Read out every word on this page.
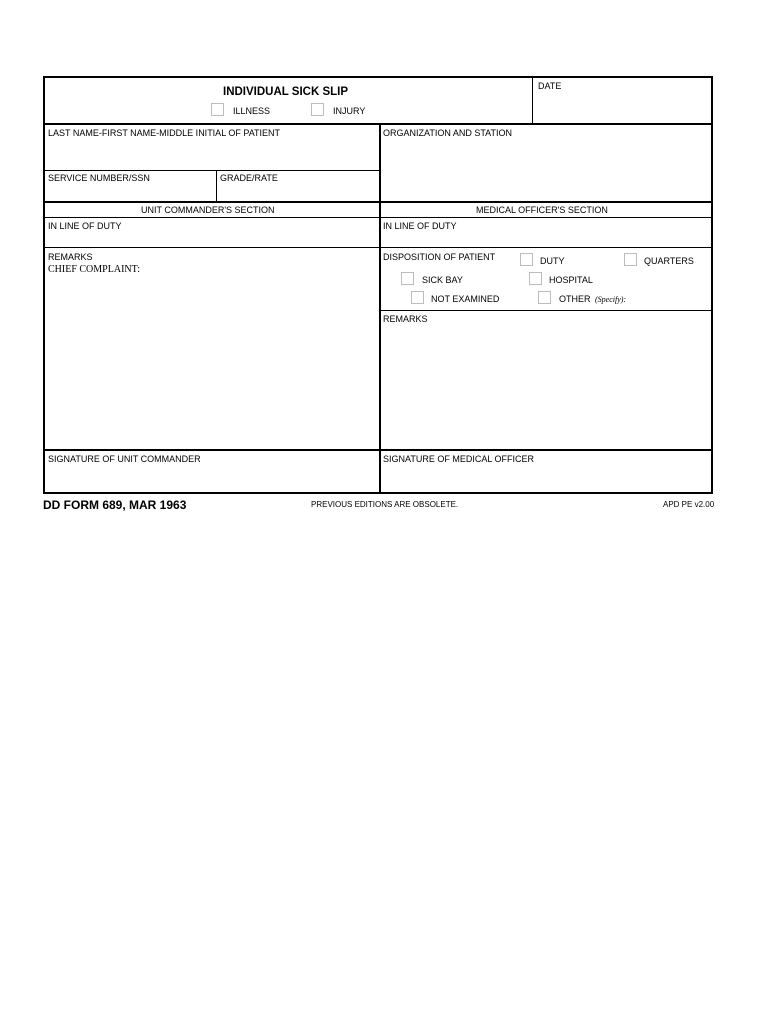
INDIVIDUAL SICK SLIP
ILLNESS	INJURY
DATE
LAST NAME-FIRST NAME-MIDDLE INITIAL OF PATIENT	ORGANIZATION AND STATION
SERVICE NUMBER/SSN	GRADE/RATE
UNIT COMMANDER'S SECTION	MEDICAL OFFICER'S SECTION
IN LINE OF DUTY	IN LINE OF DUTY
REMARKS
CHIEF COMPLAINT:
DISPOSITION OF PATIENT	DUTY	QUARTERS
SICK BAY	HOSPITAL
NOT EXAMINED	OTHER (Specify):
REMARKS
SIGNATURE OF UNIT COMMANDER	SIGNATURE OF MEDICAL OFFICER
DD FORM 689, MAR 1963	PREVIOUS EDITIONS ARE OBSOLETE.	APD PE v2.00
